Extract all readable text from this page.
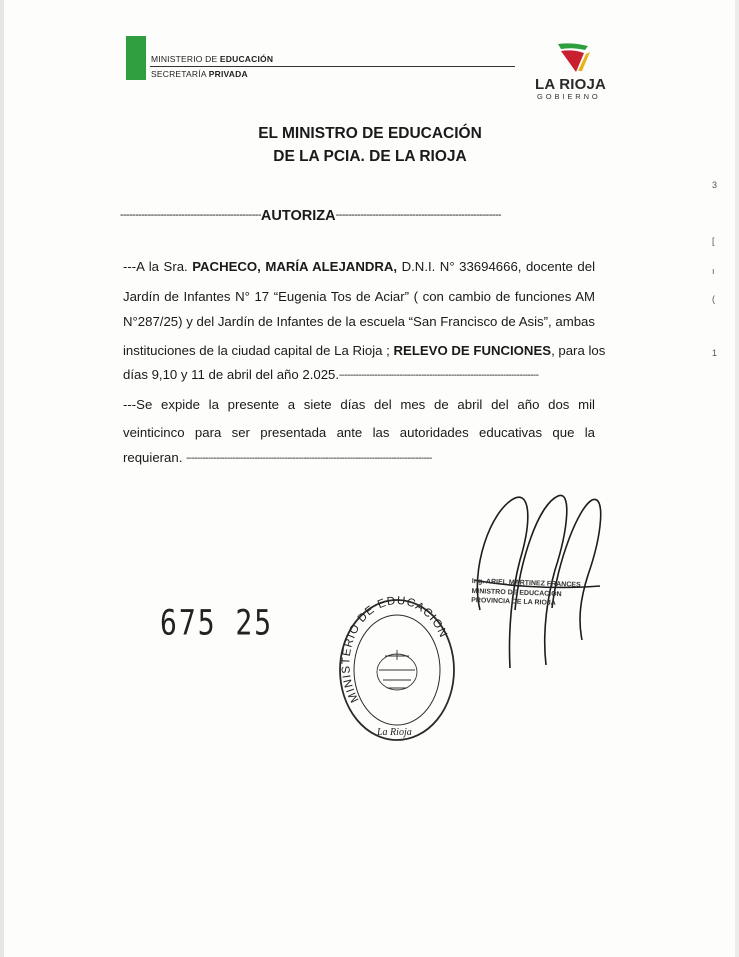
MINISTERIO DE EDUCACIÓN
SECRETARÍA PRIVADA
LA RIOJA
GOBIERNO
EL MINISTRO DE EDUCACIÓN
DE LA PCIA. DE LA RIOJA
----------------------------------------------AUTORIZA------------------------------------------------------
---A la Sra. PACHECO, MARÍA ALEJANDRA, D.N.I. N° 33694666, docente del
Jardín de Infantes N° 17 “Eugenia Tos de Aciar” ( con cambio de funciones AM
N°287/25) y del Jardín de Infantes de la escuela “San Francisco de Asis”, ambas
instituciones de la ciudad capital de La Rioja ; RELEVO DE FUNCIONES, para los
días 9,10 y 11 de abril del año 2.025.-------------------------------------------------------------------------
---Se expide la presente a siete días del mes de abril del año dos mil
veinticinco para ser presentada ante las autoridades educativas que la
requieran. ------------------------------------------------------------------------------------------
Ing. ARIEL MARTINEZ FRANCES
MINISTRO DE EDUCACION
PROVINCIA DE LA RIOJA
675 25
MINISTERIO DE EDUCACION
La Rioja
3
[
ı
(
1
